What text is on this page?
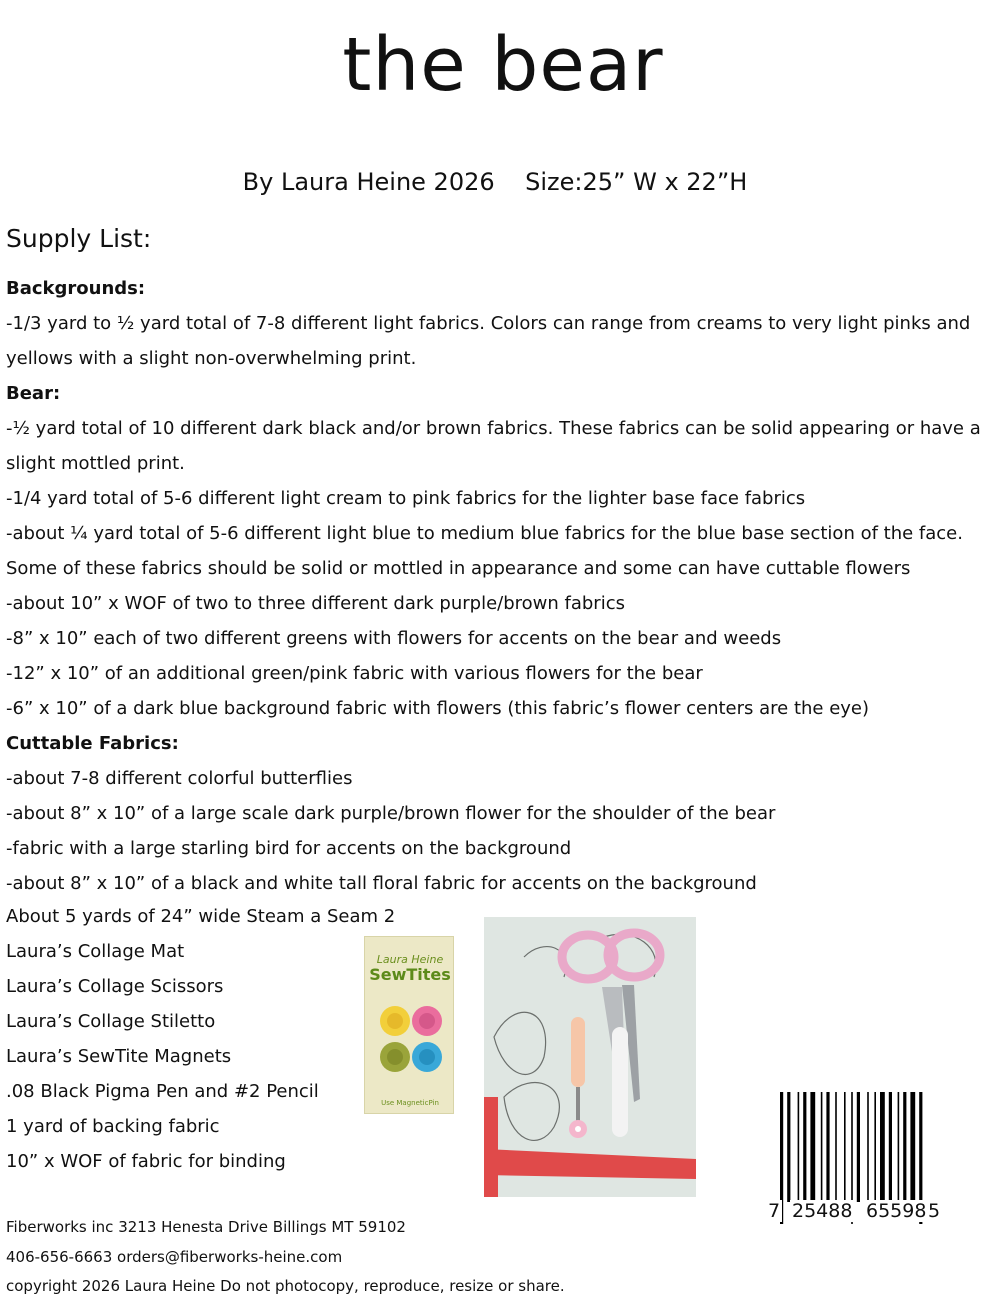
the bear
By Laura Heine 2026    Size:25” W x 22”H
Supply List:
Backgrounds:
-1/3 yard to ½ yard total of 7-8 different light fabrics. Colors can range from creams to very light pinks and yellows with a slight non-overwhelming print.
Bear:
-½ yard total of 10 different dark black and/or brown fabrics. These fabrics can be solid appearing or have a slight mottled print.
-1/4 yard total of 5-6 different light cream to pink fabrics for the lighter base face fabrics
-about ¼ yard total of 5-6 different light blue to medium blue fabrics for the blue base section of the face. Some of these fabrics should be solid or mottled in appearance and some can have cuttable flowers
-about 10” x WOF of two to three different dark purple/brown fabrics
-8” x 10” each of two different greens with flowers for accents on the bear and weeds
-12” x 10” of an additional green/pink fabric with various flowers for the bear
-6” x 10” of a dark blue background fabric with flowers (this fabric’s flower centers are the eye)
Cuttable Fabrics:
-about 7-8 different colorful butterflies
-about 8” x 10” of a large scale dark purple/brown flower for the shoulder of the bear
-fabric with a large starling bird for accents on the background
-about 8” x 10” of a black and white tall floral fabric for accents on the background
About 5 yards of 24” wide Steam a Seam 2
Laura’s Collage Mat
Laura’s Collage Scissors
Laura’s Collage Stiletto
Laura’s SewTite Magnets
.08 Black Pigma Pen and #2 Pencil
1 yard of backing fabric
10” x WOF of fabric for binding
Laura Heine
SewTites
Use MagneticPin
7 25488 65598 5
Fiberworks inc 3213 Henesta Drive Billings MT 59102
406-656-6663 orders@fiberworks-heine.com
copyright 2026 Laura Heine Do not photocopy, reproduce, resize or share.
